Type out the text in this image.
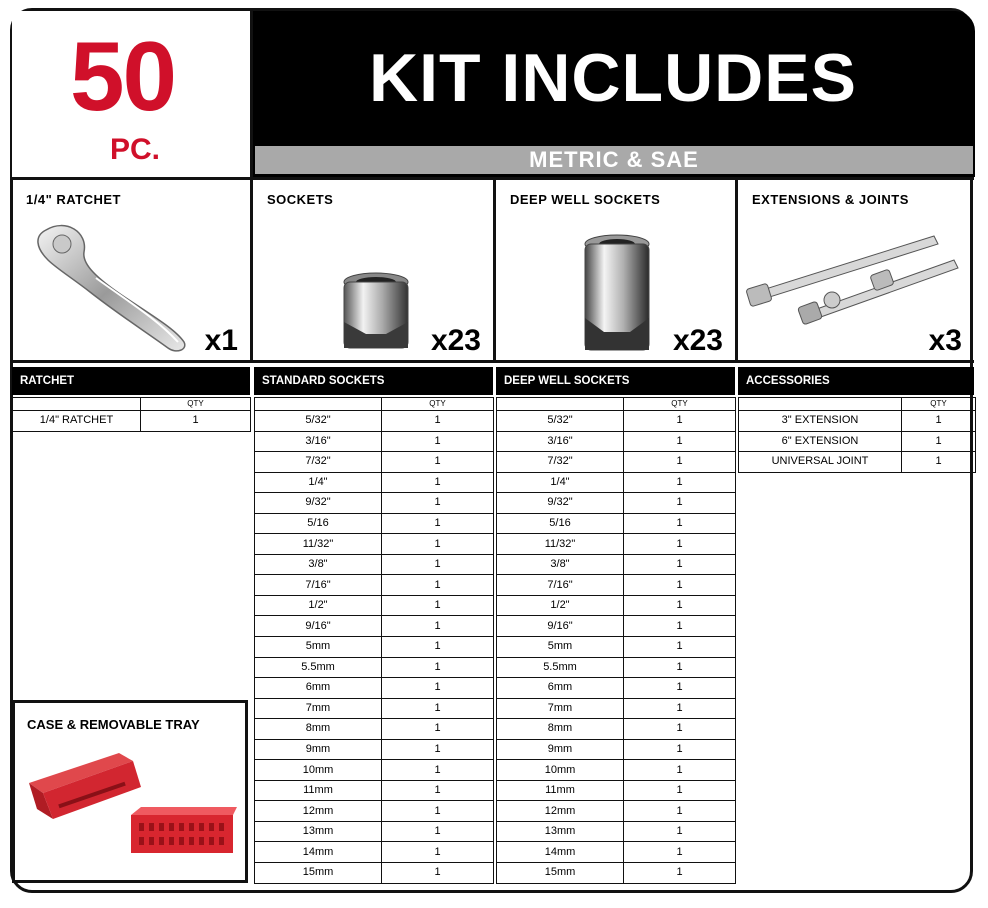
50
PC.
KIT INCLUDES
METRIC & SAE
1/4" RATCHET
x1
SOCKETS
x23
DEEP WELL SOCKETS
x23
EXTENSIONS & JOINTS
x3
RATCHET	STANDARD SOCKETS	DEEP WELL SOCKETS	ACCESSORIES
	QTY
1/4" RATCHET	1
	QTY
5/32"	1
3/16"	1
7/32"	1
1/4"	1
9/32"	1
5/16	1
11/32"	1
3/8"	1
7/16"	1
1/2"	1
9/16"	1
5mm	1
5.5mm	1
6mm	1
7mm	1
8mm	1
9mm	1
10mm	1
11mm	1
12mm	1
13mm	1
14mm	1
15mm	1
	QTY
5/32"	1
3/16"	1
7/32"	1
1/4"	1
9/32"	1
5/16	1
11/32"	1
3/8"	1
7/16"	1
1/2"	1
9/16"	1
5mm	1
5.5mm	1
6mm	1
7mm	1
8mm	1
9mm	1
10mm	1
11mm	1
12mm	1
13mm	1
14mm	1
15mm	1
	QTY
3" EXTENSION	1
6" EXTENSION	1
UNIVERSAL JOINT	1
CASE & REMOVABLE TRAY
